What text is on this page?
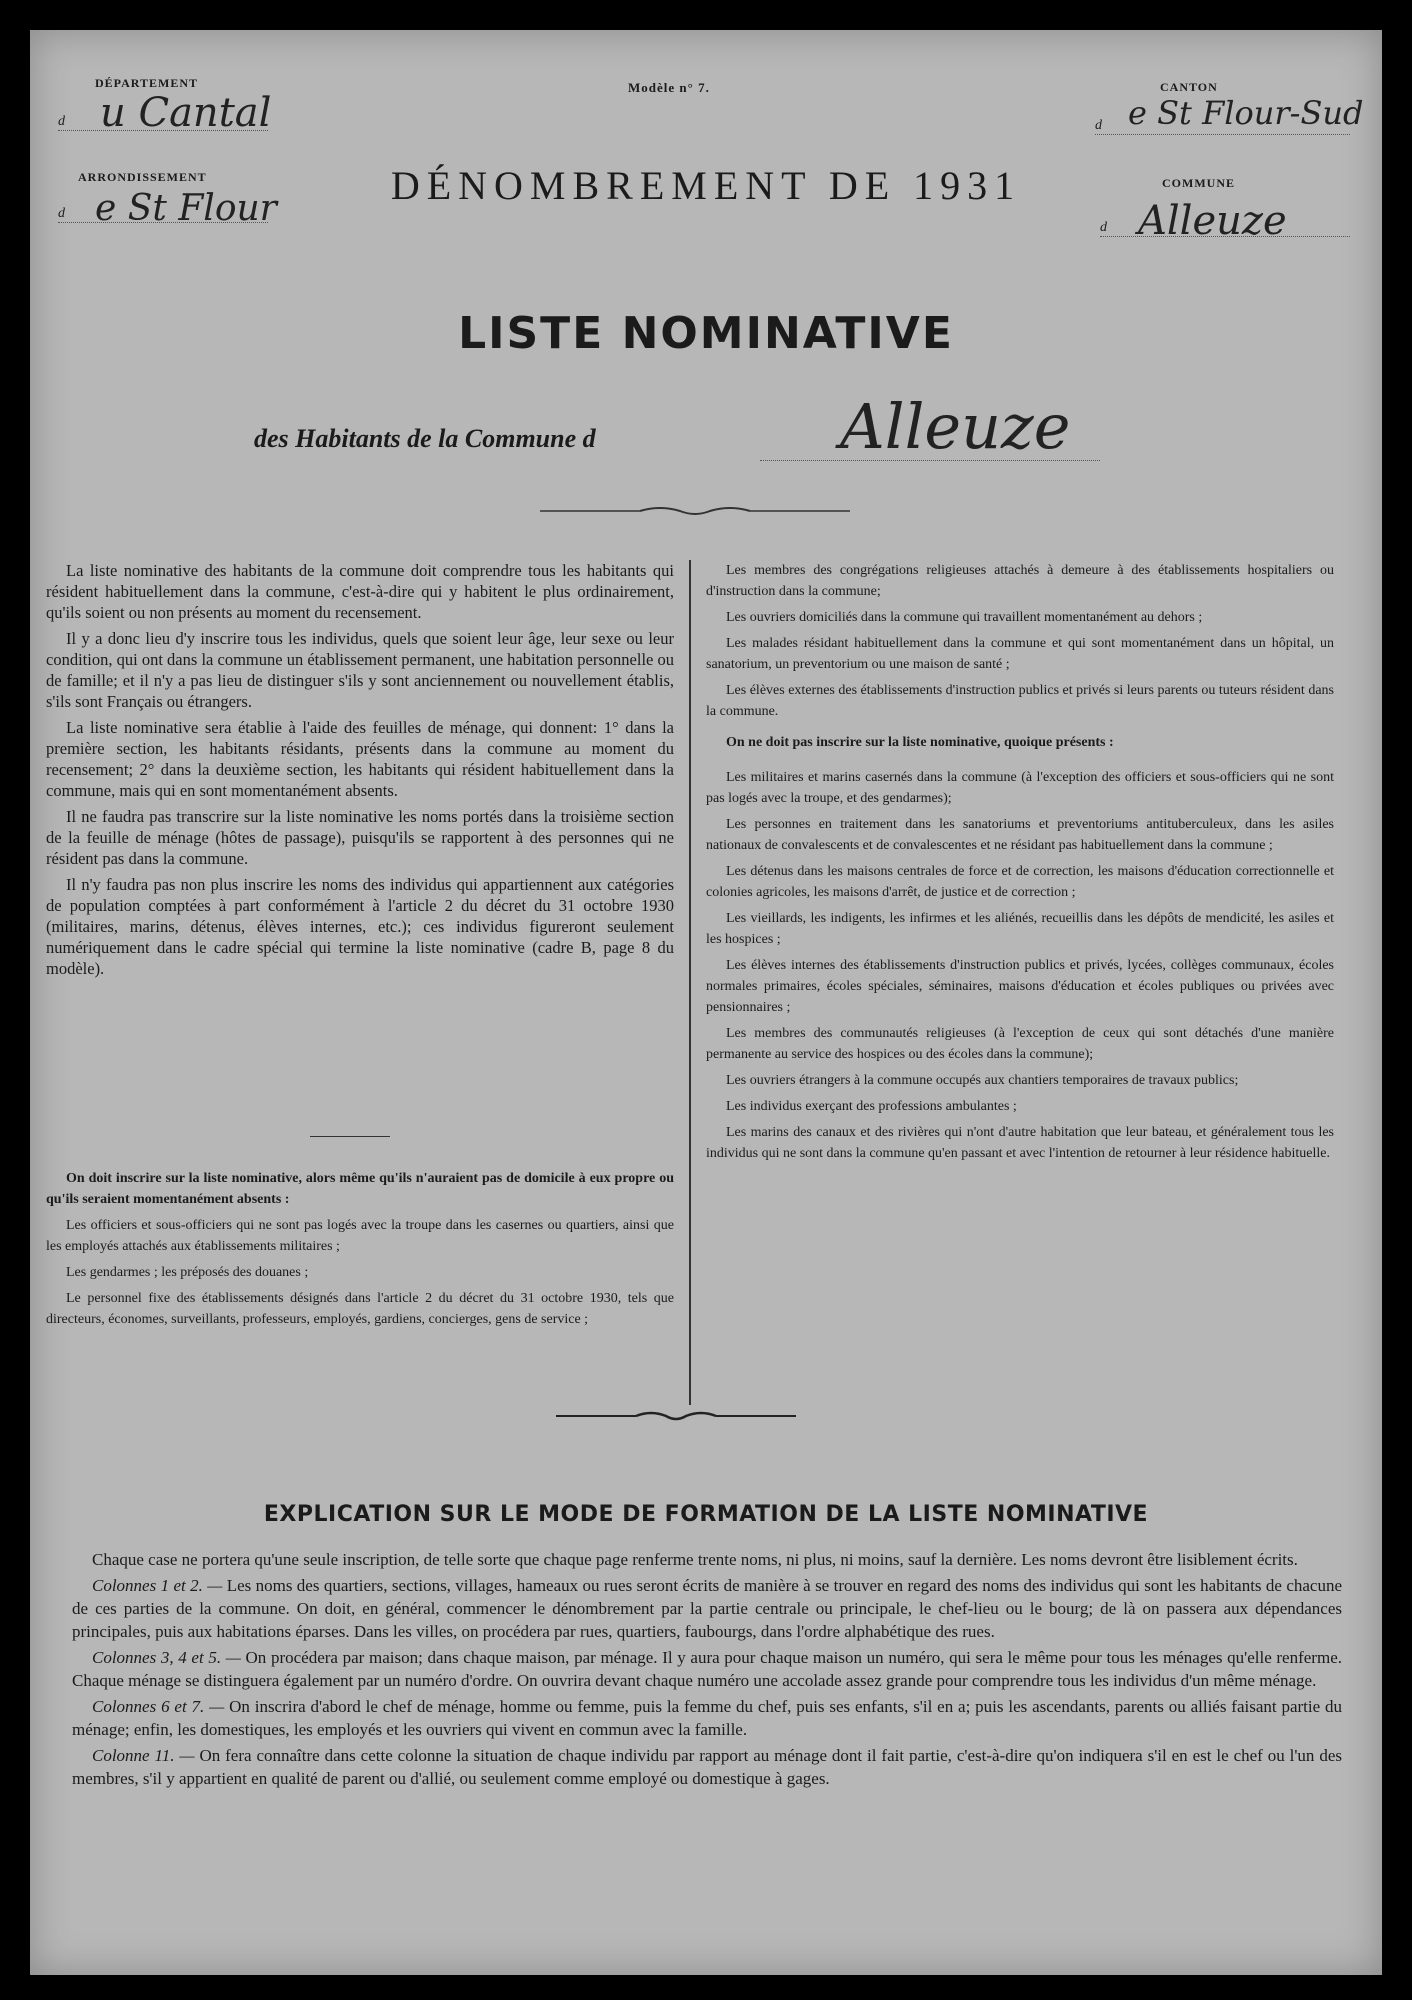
DÉPARTEMENT
d u Cantal
ARRONDISSEMENT
d e St Flour
Modèle n° 7.	CANTON
d e St Flour-Sud
COMMUNE
d Alleuze
DÉNOMBREMENT DE 1931
LISTE NOMINATIVE
des Habitants de la Commune d	Alleuze

La liste nominative des habitants de la commune doit comprendre tous les habitants qui résident habituellement dans la commune, c'est-à-dire qui y habitent le plus ordinairement, qu'ils soient ou non présents au moment du recensement.

Il y a donc lieu d'y inscrire tous les individus, quels que soient leur âge, leur sexe ou leur condition, qui ont dans la commune un établissement permanent, une habitation personnelle ou de famille; et il n'y a pas lieu de distinguer s'ils y sont anciennement ou nouvellement établis, s'ils sont Français ou étrangers.

La liste nominative sera établie à l'aide des feuilles de ménage, qui donnent: 1° dans la première section, les habitants résidants, présents dans la commune au moment du recensement; 2° dans la deuxième section, les habitants qui résident habituellement dans la commune, mais qui en sont momentanément absents.

Il ne faudra pas transcrire sur la liste nominative les noms portés dans la troisième section de la feuille de ménage (hôtes de passage), puisqu'ils se rapportent à des personnes qui ne résident pas dans la commune.

Il n'y faudra pas non plus inscrire les noms des individus qui appartiennent aux catégories de population comptées à part conformément à l'article 2 du décret du 31 octobre 1930 (militaires, marins, détenus, élèves internes, etc.); ces individus figureront seulement numériquement dans le cadre spécial qui termine la liste nominative (cadre B, page 8 du modèle).

On doit inscrire sur la liste nominative, alors même qu'ils n'auraient pas de domicile à eux propre ou qu'ils seraient momentanément absents :

Les officiers et sous-officiers qui ne sont pas logés avec la troupe dans les casernes ou quartiers, ainsi que les employés attachés aux établissements militaires ;

Les gendarmes ; les préposés des douanes ;

Le personnel fixe des établissements désignés dans l'article 2 du décret du 31 octobre 1930, tels que directeurs, économes, surveillants, professeurs, employés, gardiens, concierges, gens de service ;

Les membres des congrégations religieuses attachés à demeure à des établissements hospitaliers ou d'instruction dans la commune;

Les ouvriers domiciliés dans la commune qui travaillent momentanément au dehors ;

Les malades résidant habituellement dans la commune et qui sont momentanément dans un hôpital, un sanatorium, un preventorium ou une maison de santé ;

Les élèves externes des établissements d'instruction publics et privés si leurs parents ou tuteurs résident dans la commune.

On ne doit pas inscrire sur la liste nominative, quoique présents :

Les militaires et marins casernés dans la commune (à l'exception des officiers et sous-officiers qui ne sont pas logés avec la troupe, et des gendarmes);

Les personnes en traitement dans les sanatoriums et preventoriums antituberculeux, dans les asiles nationaux de convalescents et de convalescentes et ne résidant pas habituellement dans la commune ;

Les détenus dans les maisons centrales de force et de correction, les maisons d'éducation correctionnelle et colonies agricoles, les maisons d'arrêt, de justice et de correction ;

Les vieillards, les indigents, les infirmes et les aliénés, recueillis dans les dépôts de mendicité, les asiles et les hospices ;

Les élèves internes des établissements d'instruction publics et privés, lycées, collèges communaux, écoles normales primaires, écoles spéciales, séminaires, maisons d'éducation et écoles publiques ou privées avec pensionnaires ;

Les membres des communautés religieuses (à l'exception de ceux qui sont détachés d'une manière permanente au service des hospices ou des écoles dans la commune);

Les ouvriers étrangers à la commune occupés aux chantiers temporaires de travaux publics;

Les individus exerçant des professions ambulantes ;

Les marins des canaux et des rivières qui n'ont d'autre habitation que leur bateau, et généralement tous les individus qui ne sont dans la commune qu'en passant et avec l'intention de retourner à leur résidence habituelle.

EXPLICATION SUR LE MODE DE FORMATION DE LA LISTE NOMINATIVE

Chaque case ne portera qu'une seule inscription, de telle sorte que chaque page renferme trente noms, ni plus, ni moins, sauf la dernière. Les noms devront être lisiblement écrits.

Colonnes 1 et 2. — Les noms des quartiers, sections, villages, hameaux ou rues seront écrits de manière à se trouver en regard des noms des individus qui sont les habitants de chacune de ces parties de la commune. On doit, en général, commencer le dénombrement par la partie centrale ou principale, le chef-lieu ou le bourg; de là on passera aux dépendances principales, puis aux habitations éparses. Dans les villes, on procédera par rues, quartiers, faubourgs, dans l'ordre alphabétique des rues.

Colonnes 3, 4 et 5. — On procédera par maison; dans chaque maison, par ménage. Il y aura pour chaque maison un numéro, qui sera le même pour tous les ménages qu'elle renferme. Chaque ménage se distinguera également par un numéro d'ordre. On ouvrira devant chaque numéro une accolade assez grande pour comprendre tous les individus d'un même ménage.

Colonnes 6 et 7. — On inscrira d'abord le chef de ménage, homme ou femme, puis la femme du chef, puis ses enfants, s'il en a; puis les ascendants, parents ou alliés faisant partie du ménage; enfin, les domestiques, les employés et les ouvriers qui vivent en commun avec la famille.

Colonne 11. — On fera connaître dans cette colonne la situation de chaque individu par rapport au ménage dont il fait partie, c'est-à-dire qu'on indiquera s'il en est le chef ou l'un des membres, s'il y appartient en qualité de parent ou d'allié, ou seulement comme employé ou domestique à gages.
